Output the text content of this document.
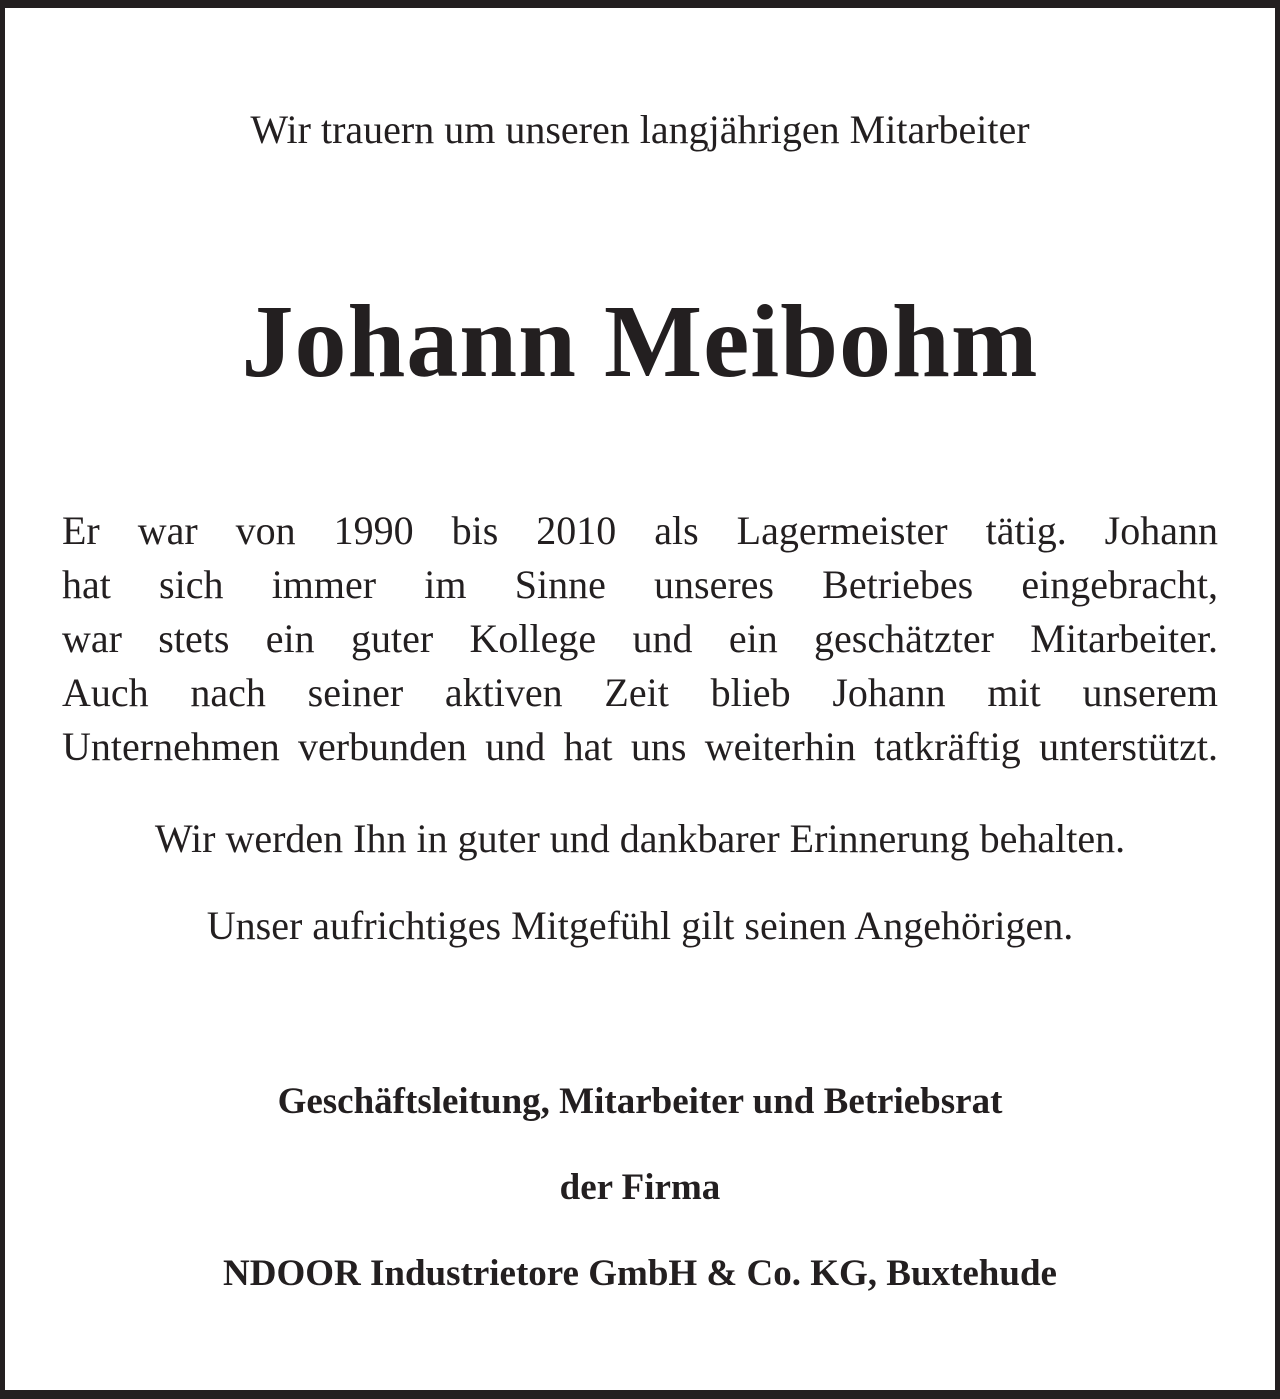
Wir trauern um unseren langjährigen Mitarbeiter

Johann Meibohm
Er war von 1990 bis 2010 als Lagermeister tätig. Johann
hat sich immer im Sinne unseres Betriebes eingebracht,
war stets ein guter Kollege und ein geschätzter Mitarbeiter.
Auch nach seiner aktiven Zeit blieb Johann mit unserem
Unternehmen verbunden und hat uns weiterhin tatkräftig unterstützt.

Wir werden Ihn in guter und dankbarer Erinnerung behalten.

Unser aufrichtiges Mitgefühl gilt seinen Angehörigen.

Geschäftsleitung, Mitarbeiter und Betriebsrat

der Firma

NDOOR Industrietore GmbH & Co. KG, Buxtehude
